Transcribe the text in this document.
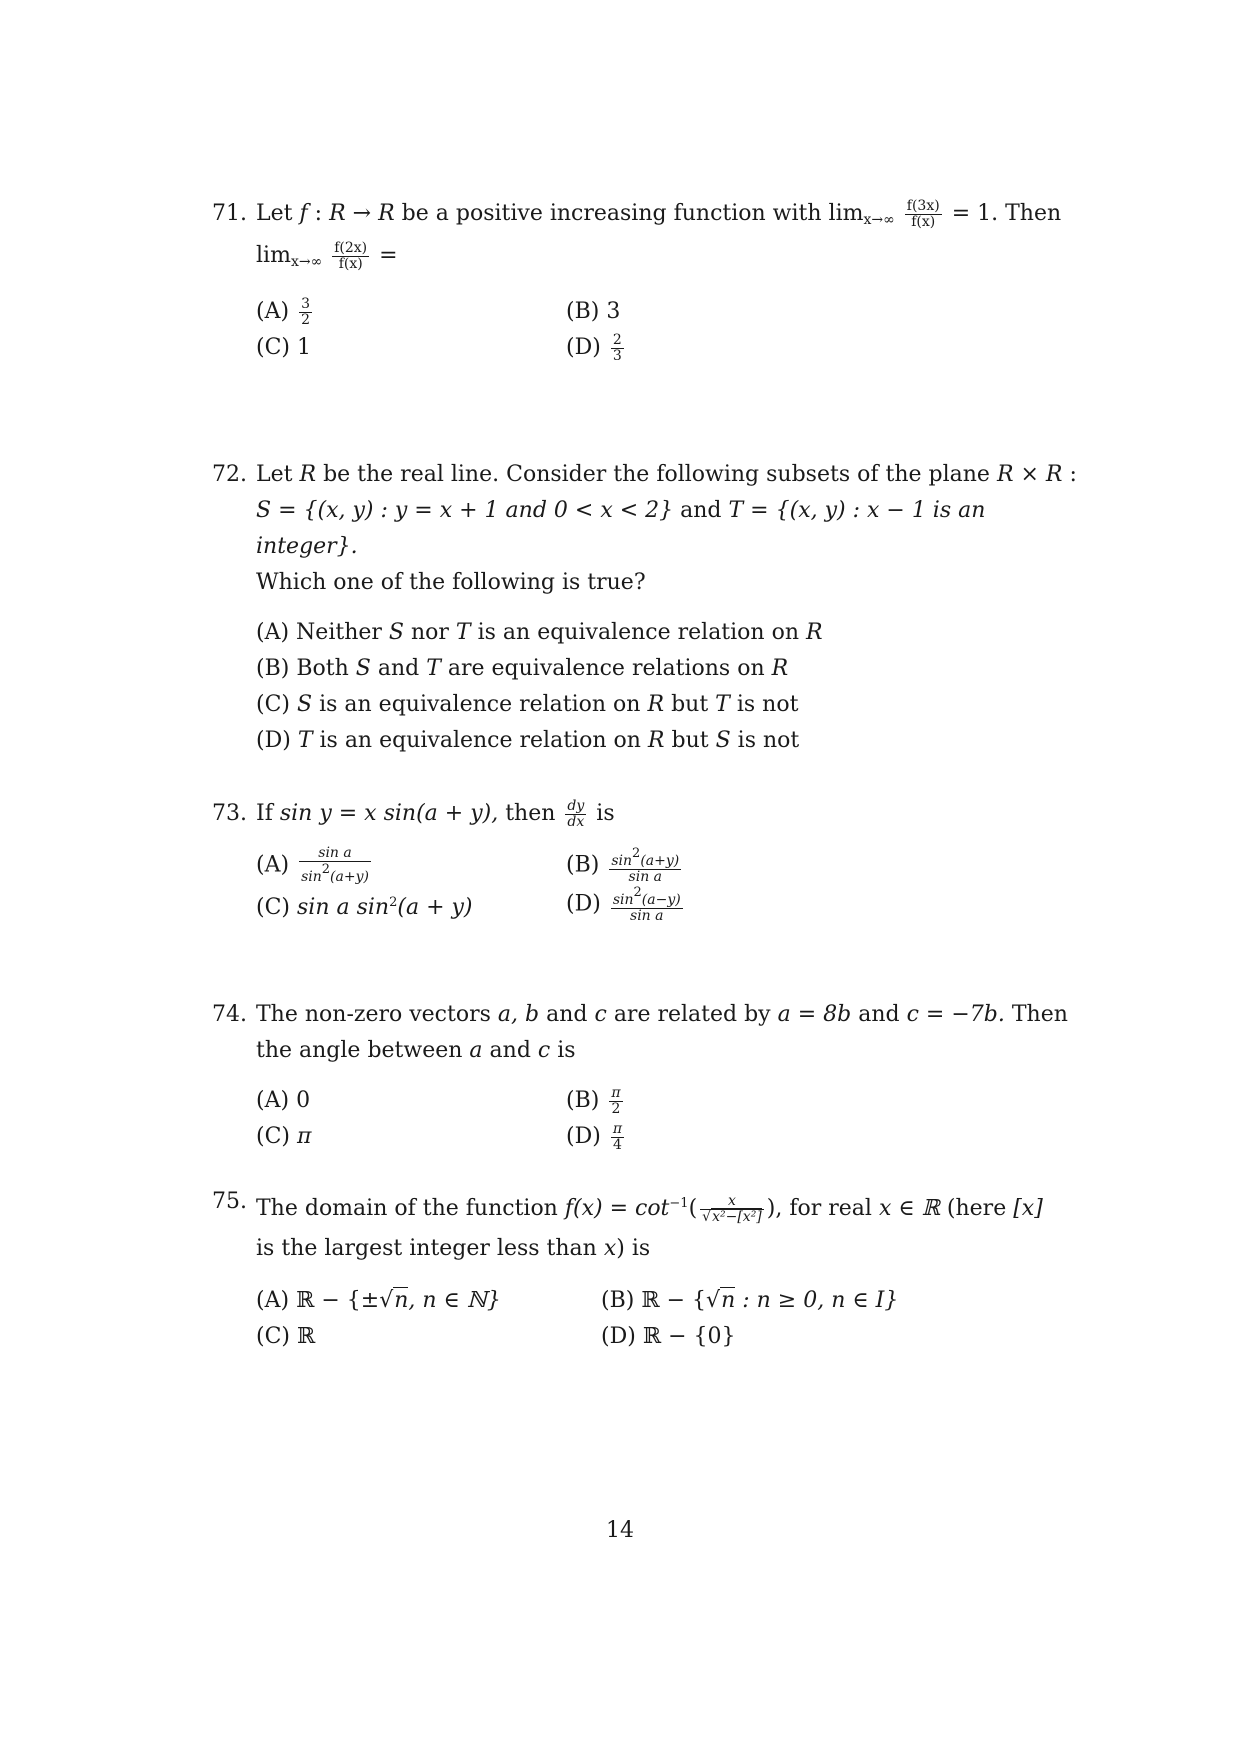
71. Let f : R → R be a positive increasing function with $\lim_{x\to\infty} \frac{f(3x)}{f(x)} = 1$. Then
$\lim_{x\to\infty} \frac{f(2x)}{f(x)}$ =
$(A) \frac{3}{2}$	(B) 3
(C) 1	$(D) \frac{2}{3}$
72. Let R be the real line. Consider the following subsets of the plane R × R :
S = {(x, y) : y = x + 1 and 0 < x < 2} and T = {(x, y) : x − 1 is an integer}.
Which one of the following is true?
(A) Neither S nor T is an equivalence relation on R
(B) Both S and T are equivalence relations on R
(C) S is an equivalence relation on R but T is not
(D) T is an equivalence relation on R but S is not
73. If sin y = x sin(a + y), then $\frac{dy}{dx}$ is
$(A) \frac{\text{sin a}}{\sin 2(a+y)}$	$(B) \frac{\sin 2(a+y)}{\text{sin a}}$
(C) sin a $\sin^2(a + y)$	$(D) \frac{\sin 2(a-y)}{\text{sin a}}$
74. The non-zero vectors a, b and c are related by a = 8b and c = −7b. Then
the angle between a and c is
(A) 0	$(B) \frac{\pi}{2}$
(C) π	$(D) \frac{\pi}{4}$
75. The domain of the function $f(x) = \cot^{-1}( \frac{x}{\text{√x²−[x²]}}$ ), for real x ∈ ℝ (here [x]
is the largest integer less than x) is
(A) ℝ − {±√n, n ∈ ℕ}	(B) ℝ − {√n : n ≥ 0, n ∈ I}
(C) ℝ	(D) ℝ − {0}
14
